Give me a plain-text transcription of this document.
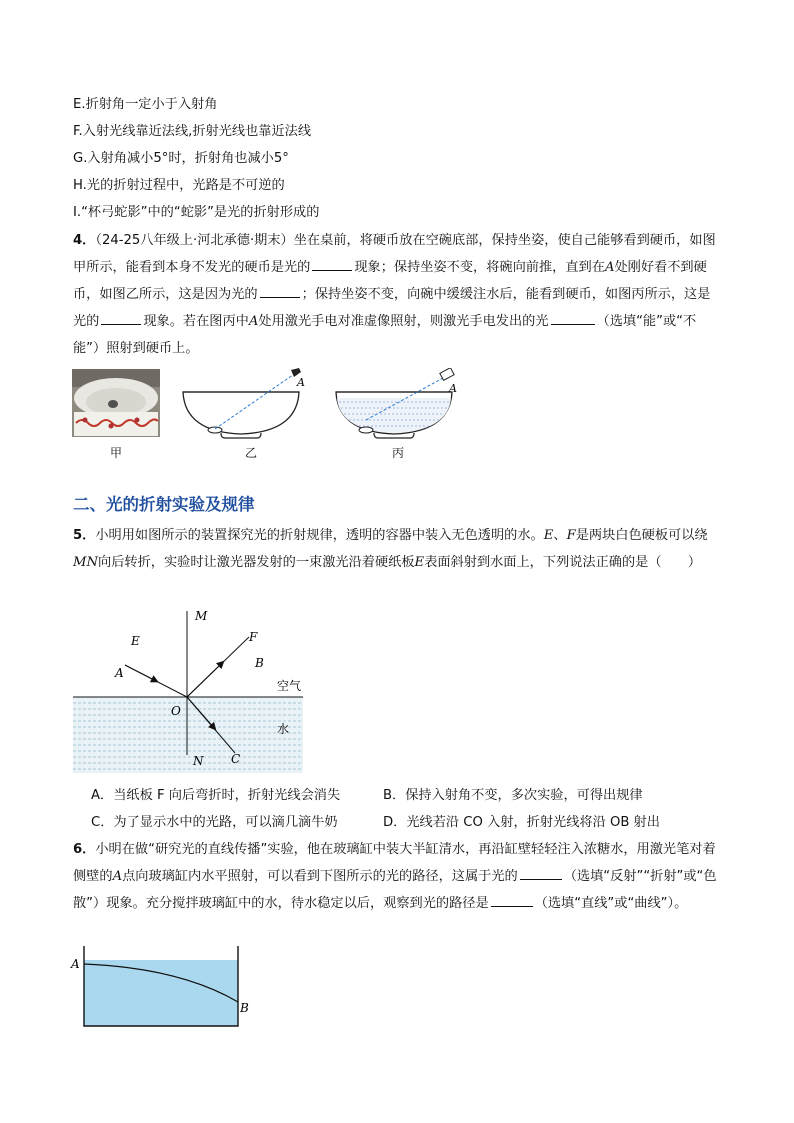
E.折射角一定小于入射角
F.入射光线靠近法线,折射光线也靠近法线
G.入射角减小5°时，折射角也减小5°
H.光的折射过程中，光路是不可逆的
I.“杯弓蛇影”中的“蛇影”是光的折射形成的
4．（24-25八年级上·河北承德·期末）坐在桌前，将硬币放在空碗底部，保持坐姿，使自己能够看到硬币，如图甲所示，能看到本身不发光的硬币是光的	现象；保持坐姿不变，将碗向前推，直到在A处刚好看不到硬币，如图乙所示，这是因为光的	；保持坐姿不变，向碗中缓缓注水后，能看到硬币，如图丙所示，这是光的	现象。若在图丙中A处用激光手电对准虚像照射，则激光手电发出的光	（选填“能”或“不能”）照射到硬币上。
A	A
甲	乙	丙
二、光的折射实验及规律
5．小明用如图所示的装置探究光的折射规律，透明的容器中装入无色透明的水。E、F是两块白色硬板可以绕MN向后转折，实验时让激光器发射的一束激光沿着硬纸板E表面斜射到水面上，下列说法正确的是（　　）
M
E	F
B
A
O
N C
空气
水
A．当纸板 F 向后弯折时，折射光线会消失	B．保持入射角不变，多次实验，可得出规律
C．为了显示水中的光路，可以滴几滴牛奶	D．光线若沿 CO 入射，折射光线将沿 OB 射出
6．小明在做“研究光的直线传播”实验，他在玻璃缸中装大半缸清水，再沿缸壁轻轻注入浓糖水，用激光笔对着侧壁的A点向玻璃缸内水平照射，可以看到下图所示的光的路径，这属于光的	（选填“反射”“折射”或“色散”）现象。充分搅拌玻璃缸中的水，待水稳定以后，观察到光的路径是	（选填“直线”或“曲线”）。
A
B
